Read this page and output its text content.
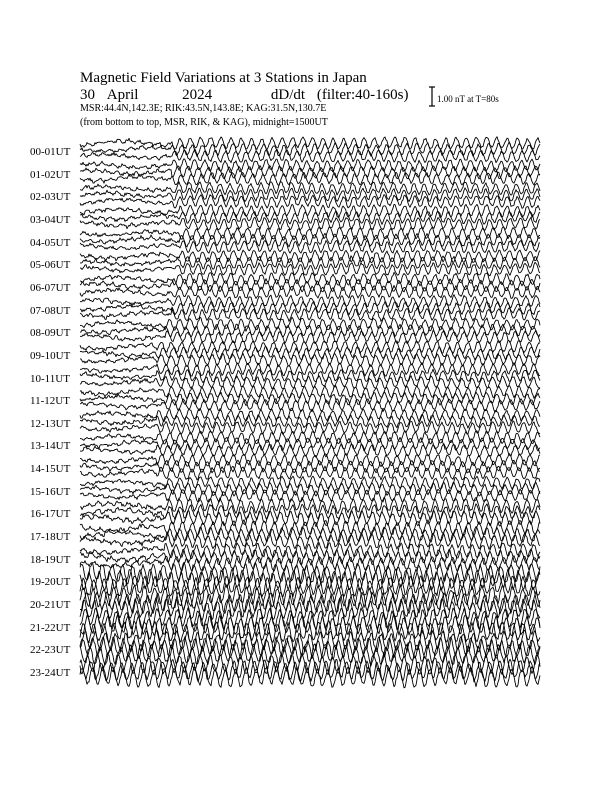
Magnetic Field Variations at 3 Stations in Japan
30 April	2024	dD/dt (filter:40-160s)
MSR:44.4N,142.3E; RIK:43.5N,143.8E; KAG:31.5N,130.7E
(from bottom to top, MSR, RIK, & KAG), midnight=1500UT
1.00 nT at T=80s
00-01UT
01-02UT
02-03UT
03-04UT
04-05UT
05-06UT
06-07UT
07-08UT
08-09UT
09-10UT
10-11UT
11-12UT
12-13UT
13-14UT
14-15UT
15-16UT
16-17UT
17-18UT
18-19UT
19-20UT
20-21UT
21-22UT
22-23UT
23-24UT
